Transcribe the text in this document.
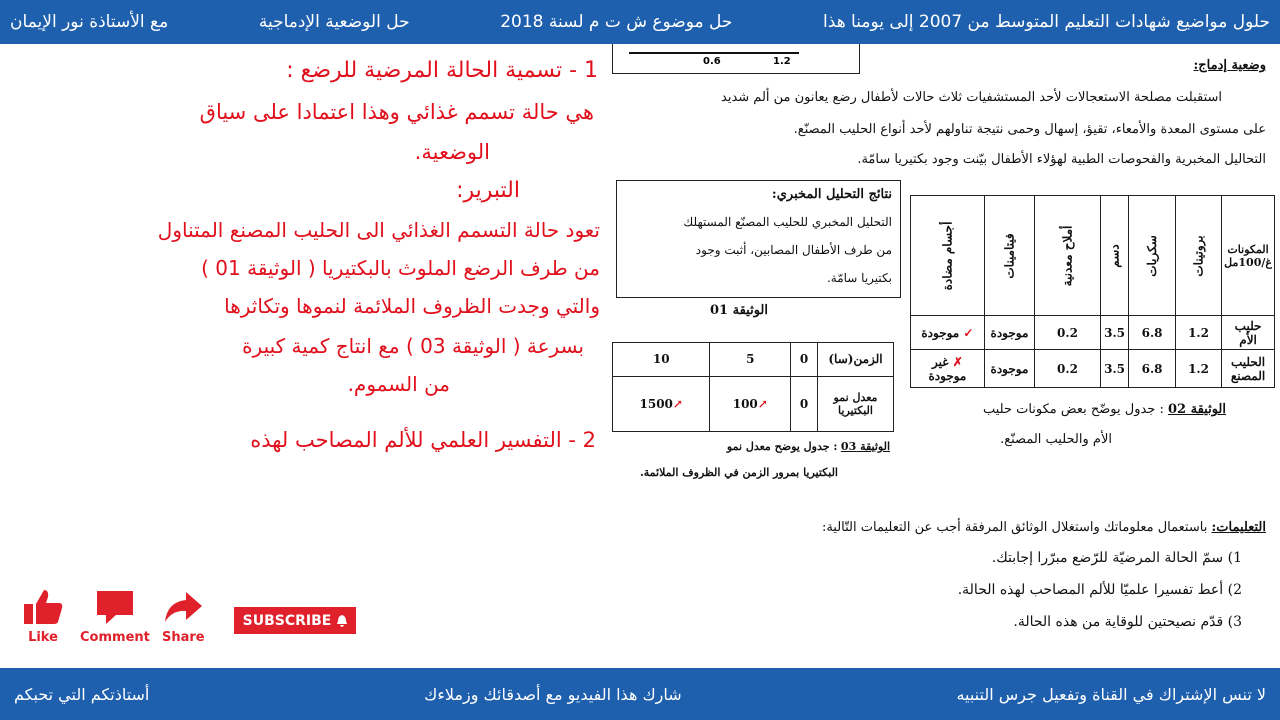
حلول مواضيع شهادات التعليم المتوسط من 2007 إلى يومنا هذا
حل موضوع ش ت م لسنة 2018
حل الوضعية الإدماجية
مع الأستاذة نور الإيمان
1 - تسمية الحالة المرضية للرضع :
هي حالة تسمم غذائي وهذا اعتمادا على سياق
الوضعية.
التبرير:
تعود حالة التسمم الغذائي الى الحليب المصنع المتناول
من طرف الرضع الملوث بالبكتيريا ( الوثيقة 01 )
والتي وجدت الظروف الملائمة لنموها وتكاثرها
بسرعة ( الوثيقة 03 ) مع انتاج كمية كبيرة
من السموم.
2 - التفسير العلمي للألم المصاحب لهذه
0.6	1.2	وضعية إدماج:
استقبلت مصلحة الاستعجالات لأحد المستشفيات ثلاث حالات لأطفال رضع يعانون من ألم شديد
على مستوى المعدة والأمعاء، تقيؤ، إسهال وحمى نتيجة تناولهم لأحد أنواع الحليب المصنّع.
التحاليل المخبرية والفحوصات الطبية لهؤلاء الأطفال بيّنت وجود بكتيريا سامّة.
نتائج التحليل المخبري:
التحليل المخبري للحليب المصنّع المستهلك
من طرف الأطفال المصابين، أثبت وجود
بكتيريا سامّة.
الوثيقة 01
المكونات غ/100مل	بروتينات	سكريات	دسم	أملاح معدنية	فيتامينات	أجسام مضادة

حليب الأم	1.2	6.8	3.5	0.2	موجودة	✓ موجودة
الحليب المصنع	1.2	6.8	3.5	0.2	موجودة	✗ غير موجودة
الوثيقة 02 : جدول يوضّح بعض مكونات حليب
الأم والحليب المصنّع.
الزمن(سا)	0	5	10
معدل نمو البكتيريا	0	↗100	↗1500
الوثيقة 03 : جدول يوضح معدل نمو
البكتيريا بمرور الزمن في الظروف الملائمة.
التعليمات: باستعمال معلوماتك واستغلال الوثائق المرفقة أجب عن التعليمات التّالية:
1) سمّ الحالة المرضيّة للرّضع مبرّرا إجابتك.
2) أعط تفسيرا علميّا للألم المصاحب لهذه الحالة.
3) قدّم نصيحتين للوقاية من هذه الحالة.
Like Comment Share
SUBSCRIBE
لا تنس الإشتراك في القناة وتفعيل جرس التنبيه
شارك هذا الفيديو مع أصدقائك وزملاءك
أستاذتكم التي تحبكم
